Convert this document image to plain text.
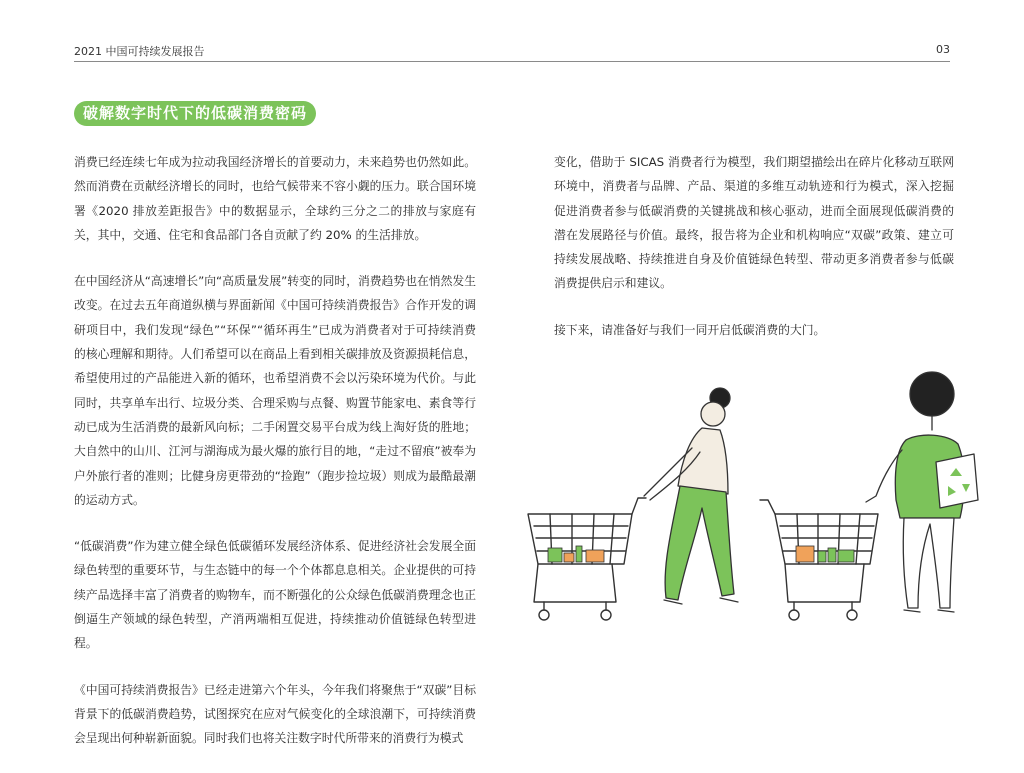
2021 中国可持续发展报告	03
破解数字时代下的低碳消费密码

消费已经连续七年成为拉动我国经济增长的首要动力，未来趋势也仍然如此。然而消费在贡献经济增长的同时，也给气候带来不容小觑的压力。联合国环境署《2020 排放差距报告》中的数据显示，全球约三分之二的排放与家庭有关，其中，交通、住宅和食品部门各自贡献了约 20% 的生活排放。

在中国经济从“高速增长”向“高质量发展”转变的同时，消费趋势也在悄然发生改变。在过去五年商道纵横与界面新闻《中国可持续消费报告》合作开发的调研项目中，我们发现“绿色”“环保”“循环再生”已成为消费者对于可持续消费的核心理解和期待。人们希望可以在商品上看到相关碳排放及资源损耗信息，希望使用过的产品能进入新的循环，也希望消费不会以污染环境为代价。与此同时，共享单车出行、垃圾分类、合理采购与点餐、购置节能家电、素食等行动已成为生活消费的最新风向标；二手闲置交易平台成为线上淘好货的胜地；大自然中的山川、江河与湖海成为最火爆的旅行目的地，“走过不留痕”被奉为户外旅行者的准则；比健身房更带劲的“捡跑”（跑步捡垃圾）则成为最酷最潮的运动方式。

“低碳消费”作为建立健全绿色低碳循环发展经济体系、促进经济社会发展全面绿色转型的重要环节，与生态链中的每一个个体都息息相关。企业提供的可持续产品选择丰富了消费者的购物车，而不断强化的公众绿色低碳消费理念也正倒逼生产领域的绿色转型，产消两端相互促进，持续推动价值链绿色转型进程。

《中国可持续消费报告》已经走进第六个年头，今年我们将聚焦于“双碳”目标背景下的低碳消费趋势，试图探究在应对气候变化的全球浪潮下，可持续消费会呈现出何种崭新面貌。同时我们也将关注数字时代所带来的消费行为模式

变化，借助于 SICAS 消费者行为模型，我们期望描绘出在碎片化移动互联网环境中，消费者与品牌、产品、渠道的多维互动轨迹和行为模式，深入挖掘促进消费者参与低碳消费的关键挑战和核心驱动，进而全面展现低碳消费的潜在发展路径与价值。最终，报告将为企业和机构响应“双碳”政策、建立可持续发展战略、持续推进自身及价值链绿色转型、带动更多消费者参与低碳消费提供启示和建议。

接下来，请准备好与我们一同开启低碳消费的大门。
